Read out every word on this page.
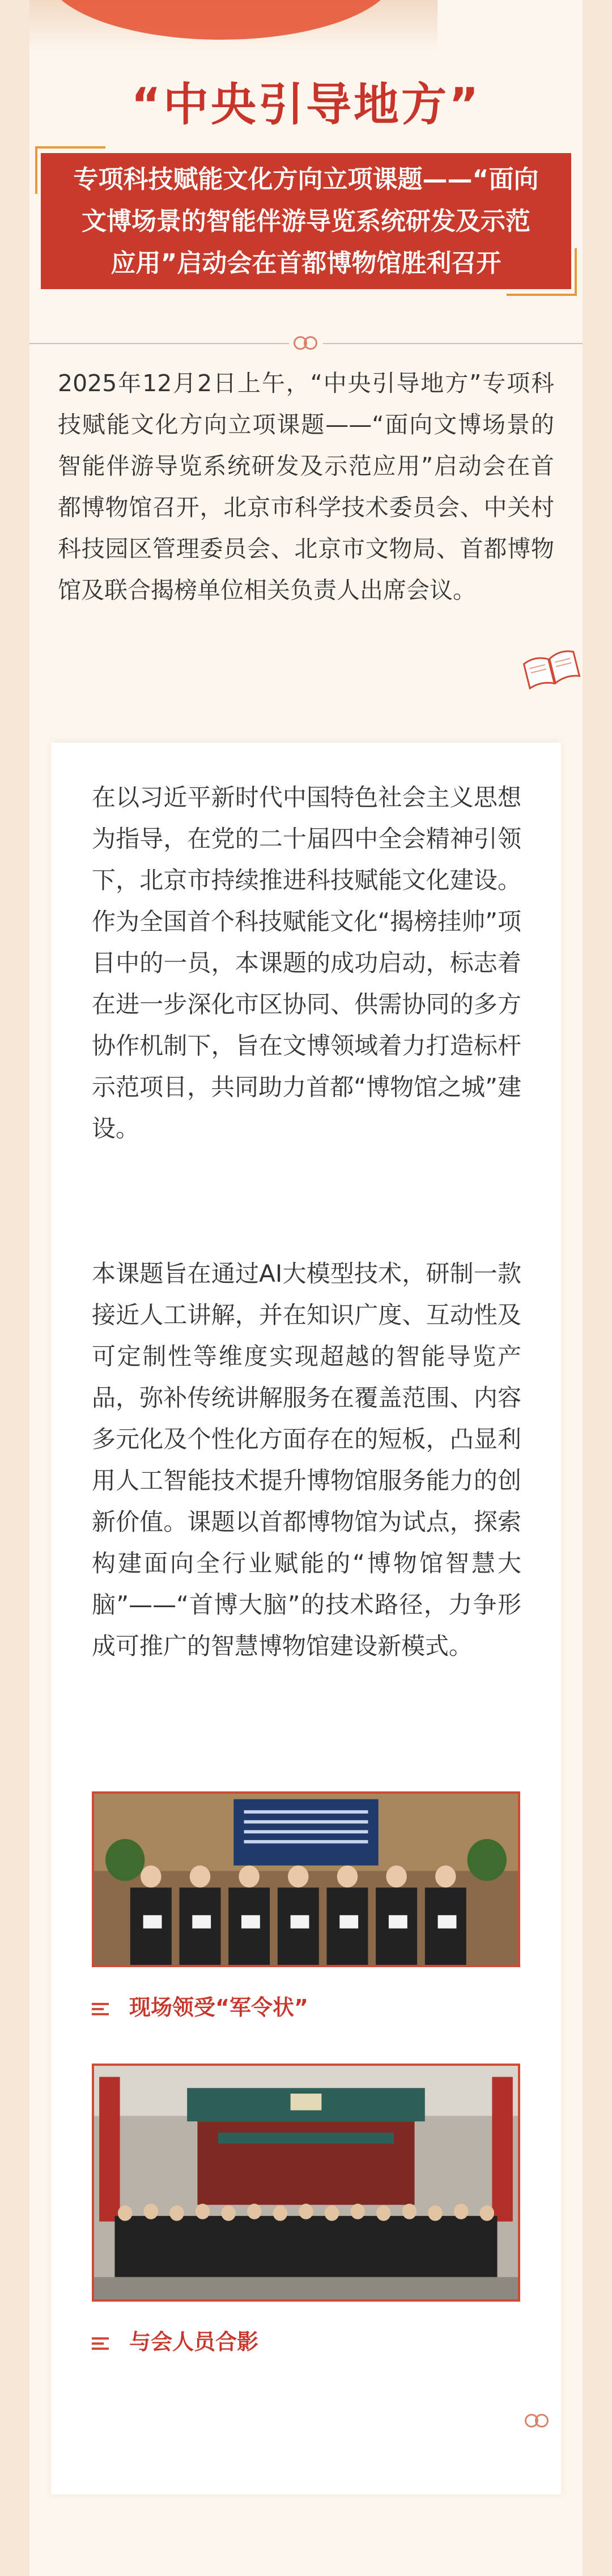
“中央引导地方”
专项科技赋能文化方向立项课题——“面向
文博场景的智能伴游导览系统研发及示范
应用”启动会在首都博物馆胜利召开
2025年12月2日上午，“中央引导地方”专项科技赋能文化方向立项课题——“面向文博场景的智能伴游导览系统研发及示范应用”启动会在首都博物馆召开，北京市科学技术委员会、中关村科技园区管理委员会、北京市文物局、首都博物馆及联合揭榜单位相关负责人出席会议。
在以习近平新时代中国特色社会主义思想为指导，在党的二十届四中全会精神引领下，北京市持续推进科技赋能文化建设。作为全国首个科技赋能文化“揭榜挂帅”项目中的一员，本课题的成功启动，标志着在进一步深化市区协同、供需协同的多方协作机制下，旨在文博领域着力打造标杆示范项目，共同助力首都“博物馆之城”建设。
本课题旨在通过AI大模型技术，研制一款接近人工讲解，并在知识广度、互动性及可定制性等维度实现超越的智能导览产品，弥补传统讲解服务在覆盖范围、内容多元化及个性化方面存在的短板，凸显利用人工智能技术提升博物馆服务能力的创新价值。课题以首都博物馆为试点，探索构建面向全行业赋能的“博物馆智慧大脑”——“首博大脑”的技术路径，力争形成可推广的智慧博物馆建设新模式。
现场领受“军令状”
与会人员合影
